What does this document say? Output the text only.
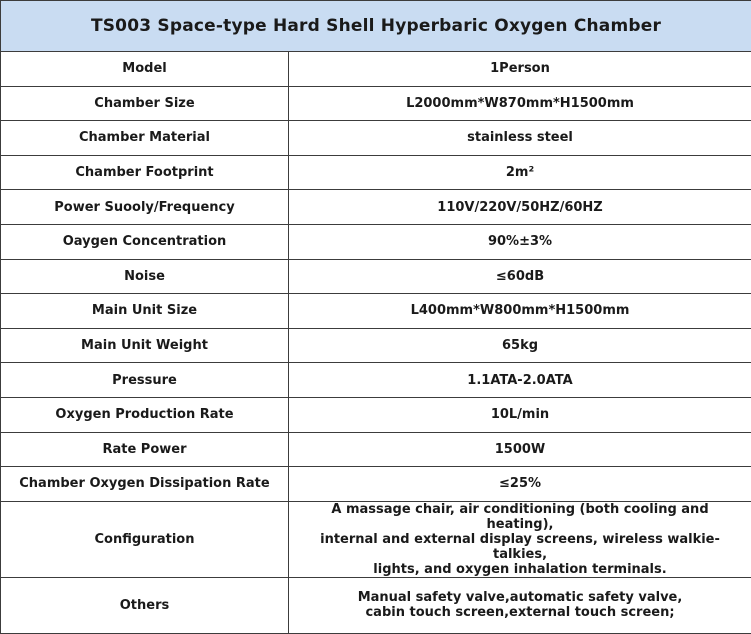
TS003 Space-type Hard Shell Hyperbaric Oxygen Chamber	
Model	1Person
Chamber Size	L2000mm*W870mm*H1500mm
Chamber Material	stainless steel
Chamber Footprint	2m²
Power Suooly/Frequency	110V/220V/50HZ/60HZ
Oaygen Concentration	90%±3%
Noise	≤60dB
Main Unit Size	L400mm*W800mm*H1500mm
Main Unit Weight	65kg
Pressure	1.1ATA-2.0ATA
Oxygen Production Rate	10L/min
Rate Power	1500W
Chamber Oxygen Dissipation Rate	≤25%
Configuration	A massage chair, air conditioning (both cooling and heating),
internal and external display screens, wireless walkie-talkies,
lights, and oxygen inhalation terminals.
Others	Manual safety valve,automatic safety valve,
cabin touch screen,external touch screen;
